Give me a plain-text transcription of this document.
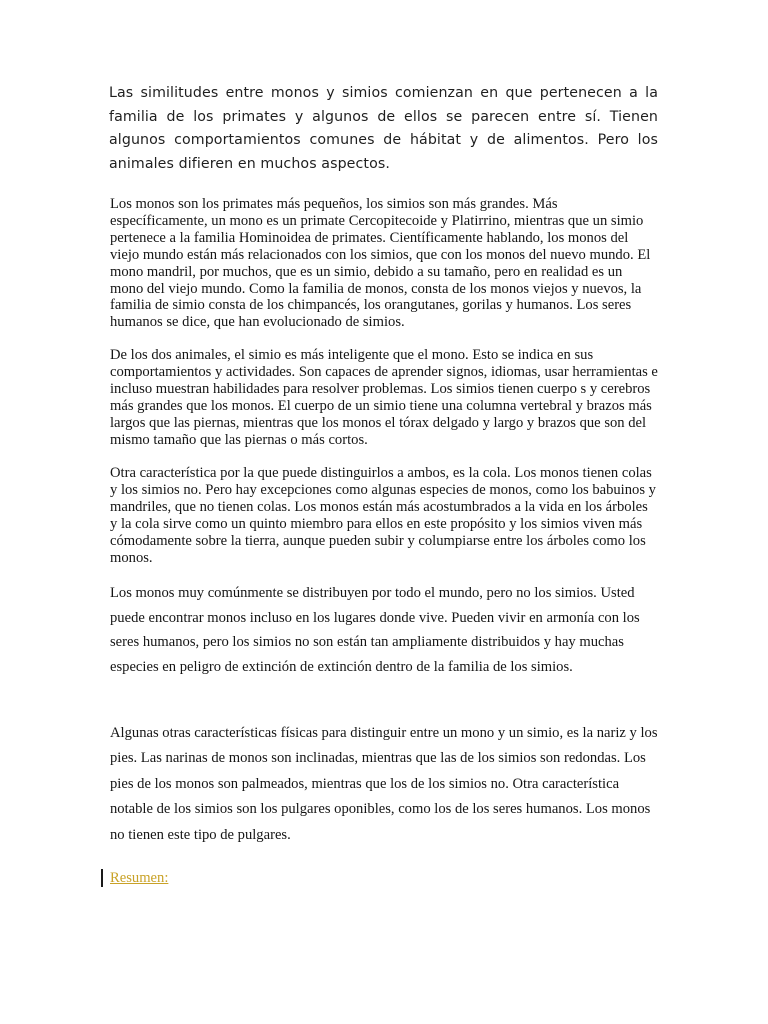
Las similitudes entre monos y simios comienzan en que pertenecen a la familia de los primates y algunos de ellos se parecen entre sí. Tienen algunos comportamientos comunes de hábitat y de alimentos. Pero los animales difieren en muchos aspectos.

Los monos son los primates más pequeños, los simios son más grandes. Más específicamente, un mono es un primate Cercopitecoide y Platirrino, mientras que un simio pertenece a la familia Hominoidea de primates. Científicamente hablando, los monos del viejo mundo están más relacionados con los simios, que con los monos del nuevo mundo. El mono mandril, por muchos, que es un simio, debido a su tamaño, pero en realidad es un mono del viejo mundo. Como la familia de monos, consta de los monos viejos y nuevos, la familia de simio consta de los chimpancés, los orangutanes, gorilas y humanos. Los seres humanos se dice, que han evolucionado de simios.

De los dos animales, el simio es más inteligente que el mono. Esto se indica en sus comportamientos y actividades. Son capaces de aprender signos, idiomas, usar herramientas e incluso muestran habilidades para resolver problemas. Los simios tienen cuerpo s y cerebros más grandes que los monos. El cuerpo de un simio tiene una columna vertebral y brazos más largos que las piernas, mientras que los monos el tórax delgado y largo y brazos que son del mismo tamaño que las piernas o más cortos.

Otra característica por la que puede distinguirlos a ambos, es la cola. Los monos tienen colas y los simios no. Pero hay excepciones como algunas especies de monos, como los babuinos y mandriles, que no tienen colas. Los monos están más acostumbrados a la vida en los árboles y la cola sirve como un quinto miembro para ellos en este propósito y los simios viven más cómodamente sobre la tierra, aunque pueden subir y columpiarse entre los árboles como los monos.

Los monos muy comúnmente se distribuyen por todo el mundo, pero no los simios. Usted puede encontrar monos incluso en los lugares donde vive. Pueden vivir en armonía con los seres humanos, pero los simios no son están tan ampliamente distribuidos y hay muchas especies en peligro de extinción de extinción dentro de la familia de los simios.

Algunas otras características físicas para distinguir entre un mono y un simio, es la nariz y los pies. Las narinas de monos son inclinadas, mientras que las de los simios son redondas. Los pies de los monos son palmeados, mientras que los de los simios no. Otra característica notable de los simios son los pulgares oponibles, como los de los seres humanos. Los monos no tienen este tipo de pulgares.

Resumen:
